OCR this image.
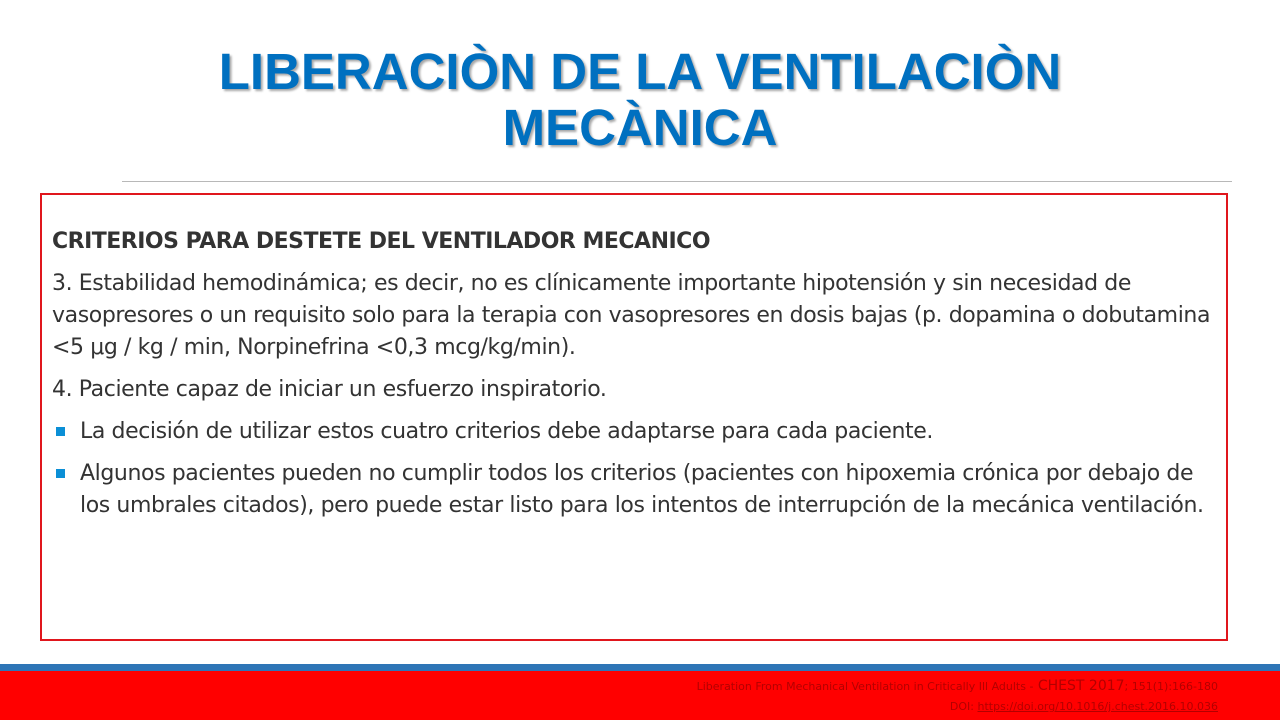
LIBERACIÒN DE LA VENTILACIÒN
MECÀNICA

CRITERIOS PARA DESTETE DEL VENTILADOR MECANICO

3. Estabilidad hemodinámica; es decir, no es clínicamente importante hipotensión y sin necesidad de vasopresores o un requisito solo para la terapia con vasopresores en dosis bajas (p. dopamina o dobutamina <5 μg / kg / min, Norpinefrina <0,3 mcg/kg/min).

4. Paciente capaz de iniciar un esfuerzo inspiratorio.

La decisión de utilizar estos cuatro criterios debe adaptarse para cada paciente.
Algunos pacientes pueden no cumplir todos los criterios (pacientes con hipoxemia crónica por debajo de los umbrales citados), pero puede estar listo para los intentos de interrupción de la mecánica ventilación.
Liberation From Mechanical Ventilation in Critically Ill Adults - CHEST 2017; 151(1):166-180
DOI: https://doi.org/10.1016/j.chest.2016.10.036
